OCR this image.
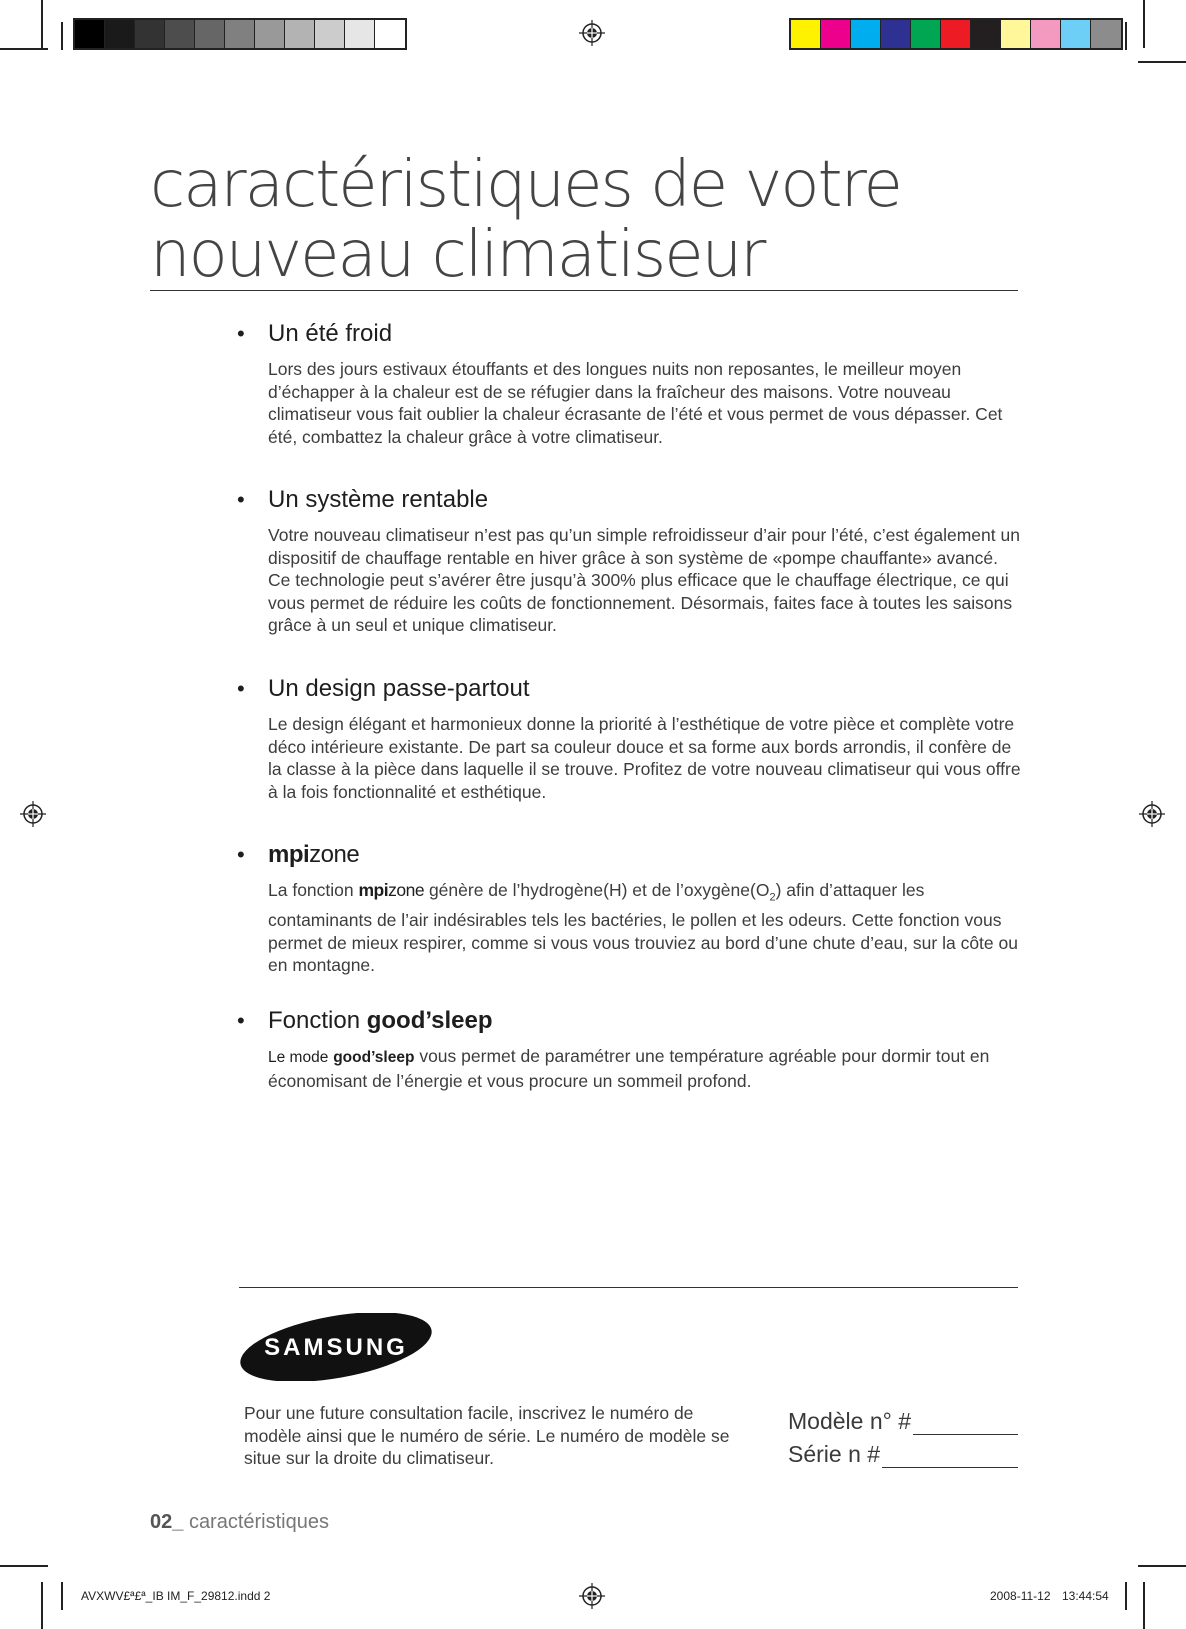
caractéristiques de votre
nouveau climatiseur
• Un été froid
Lors des jours estivaux étouffants et des longues nuits non reposantes, le meilleur moyen d’échapper à la chaleur est de se réfugier dans la fraîcheur des maisons. Votre nouveau climatiseur vous fait oublier la chaleur écrasante de l’été et vous permet de vous dépasser. Cet été, combattez la chaleur grâce à votre climatiseur.
• Un système rentable
Votre nouveau climatiseur n’est pas qu’un simple refroidisseur d’air pour l’été, c’est également un dispositif de chauffage rentable en hiver grâce à son système de «pompe chauffante» avancé. Ce technologie peut s’avérer être jusqu’à 300% plus efficace que le chauffage électrique, ce qui vous permet de réduire les coûts de fonctionnement. Désormais, faites face à toutes les saisons grâce à un seul et unique climatiseur.
• Un design passe-partout
Le design élégant et harmonieux donne la priorité à l’esthétique de votre pièce et complète votre déco intérieure existante. De part sa couleur douce et sa forme aux bords arrondis, il confère de la classe à la pièce dans laquelle il se trouve. Profitez de votre nouveau climatiseur qui vous offre à la fois fonctionnalité et esthétique.
• mpizone
La fonction mpizone génère de l’hydrogène(H) et de $l’oxygène(O_2)$ afin d’attaquer les contaminants de l’air indésirables tels les bactéries, le pollen et les odeurs. Cette fonction vous permet de mieux respirer, comme si vous vous trouviez au bord d’une chute d’eau, sur la côte ou en montagne.
• Fonction good’sleep
Le mode good’sleep vous permet de paramétrer une température agréable pour dormir tout en économisant de l’énergie et vous procure un sommeil profond.
SAMSUNG
Pour une future consultation facile, inscrivez le numéro de modèle ainsi que le numéro de série. Le numéro de modèle se situe sur la droite du climatiseur.
Modèle n° #
Série n #
02_ caractéristiques
AVXWV£ª£ª_IB IM_F_29812.indd 2	2008-11-12 13:44:54
